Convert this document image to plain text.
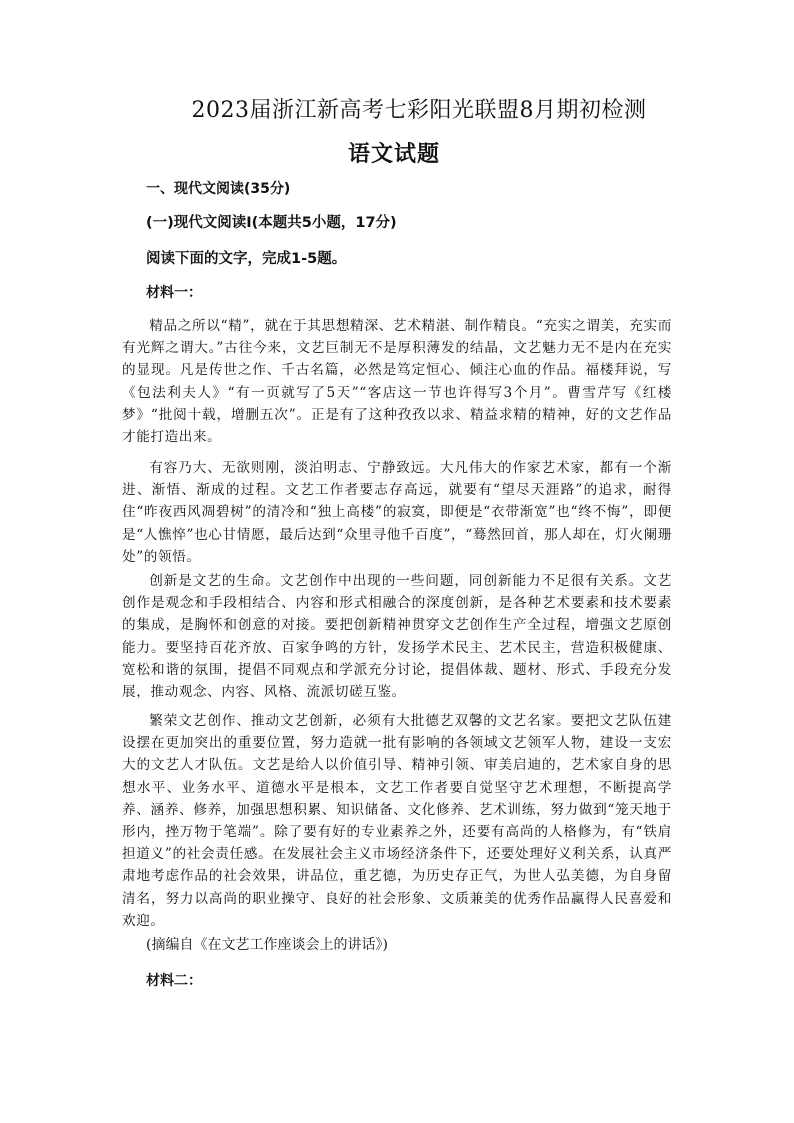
2023届浙江新高考七彩阳光联盟8月期初检测
语文试题
一、现代文阅读(35分)
(一)现代文阅读I(本题共5小题，17分)
阅读下面的文字，完成1-5题。
材料一：

精品之所以“精”，就在于其思想精深、艺术精湛、制作精良。“充实之谓美，充实而有光辉之谓大。”古往今来，文艺巨制无不是厚积薄发的结晶，文艺魅力无不是内在充实的显现。凡是传世之作、千古名篇，必然是笃定恒心、倾注心血的作品。福楼拜说，写《包法利夫人》“有一页就写了5天”“客店这一节也许得写3个月”。曹雪芹写《红楼梦》“批阅十载，增删五次”。正是有了这种孜孜以求、精益求精的精神，好的文艺作品才能打造出来。

有容乃大、无欲则刚，淡泊明志、宁静致远。大凡伟大的作家艺术家，都有一个渐进、渐悟、渐成的过程。文艺工作者要志存高远，就要有“望尽天涯路”的追求，耐得住“昨夜西风凋碧树”的清冷和“独上高楼”的寂寞，即便是“衣带渐宽”也“终不悔”，即便是“人憔悴”也心甘情愿，最后达到“众里寻他千百度”，“蓦然回首，那人却在，灯火阑珊处”的领悟。

创新是文艺的生命。文艺创作中出现的一些问题，同创新能力不足很有关系。文艺创作是观念和手段相结合、内容和形式相融合的深度创新，是各种艺术要素和技术要素的集成，是胸怀和创意的对接。要把创新精神贯穿文艺创作生产全过程，增强文艺原创能力。要坚持百花齐放、百家争鸣的方针，发扬学术民主、艺术民主，营造积极健康、宽松和谐的氛围，提倡不同观点和学派充分讨论，提倡体裁、题材、形式、手段充分发展，推动观念、内容、风格、流派切磋互鉴。

繁荣文艺创作、推动文艺创新，必须有大批德艺双馨的文艺名家。要把文艺队伍建设摆在更加突出的重要位置，努力造就一批有影响的各领域文艺领军人物，建设一支宏大的文艺人才队伍。文艺是给人以价值引导、精神引领、审美启迪的，艺术家自身的思想水平、业务水平、道德水平是根本，文艺工作者要自觉坚守艺术理想，不断提高学养、涵养、修养，加强思想积累、知识储备、文化修养、艺术训练，努力做到“笼天地于形内，挫万物于笔端”。除了要有好的专业素养之外，还要有高尚的人格修为，有“铁肩担道义”的社会责任感。在发展社会主义市场经济条件下，还要处理好义利关系，认真严肃地考虑作品的社会效果，讲品位，重艺德，为历史存正气，为世人弘美德，为自身留清名，努力以高尚的职业操守、良好的社会形象、文质兼美的优秀作品赢得人民喜爱和欢迎。

(摘编自《在文艺工作座谈会上的讲话》)
材料二：
